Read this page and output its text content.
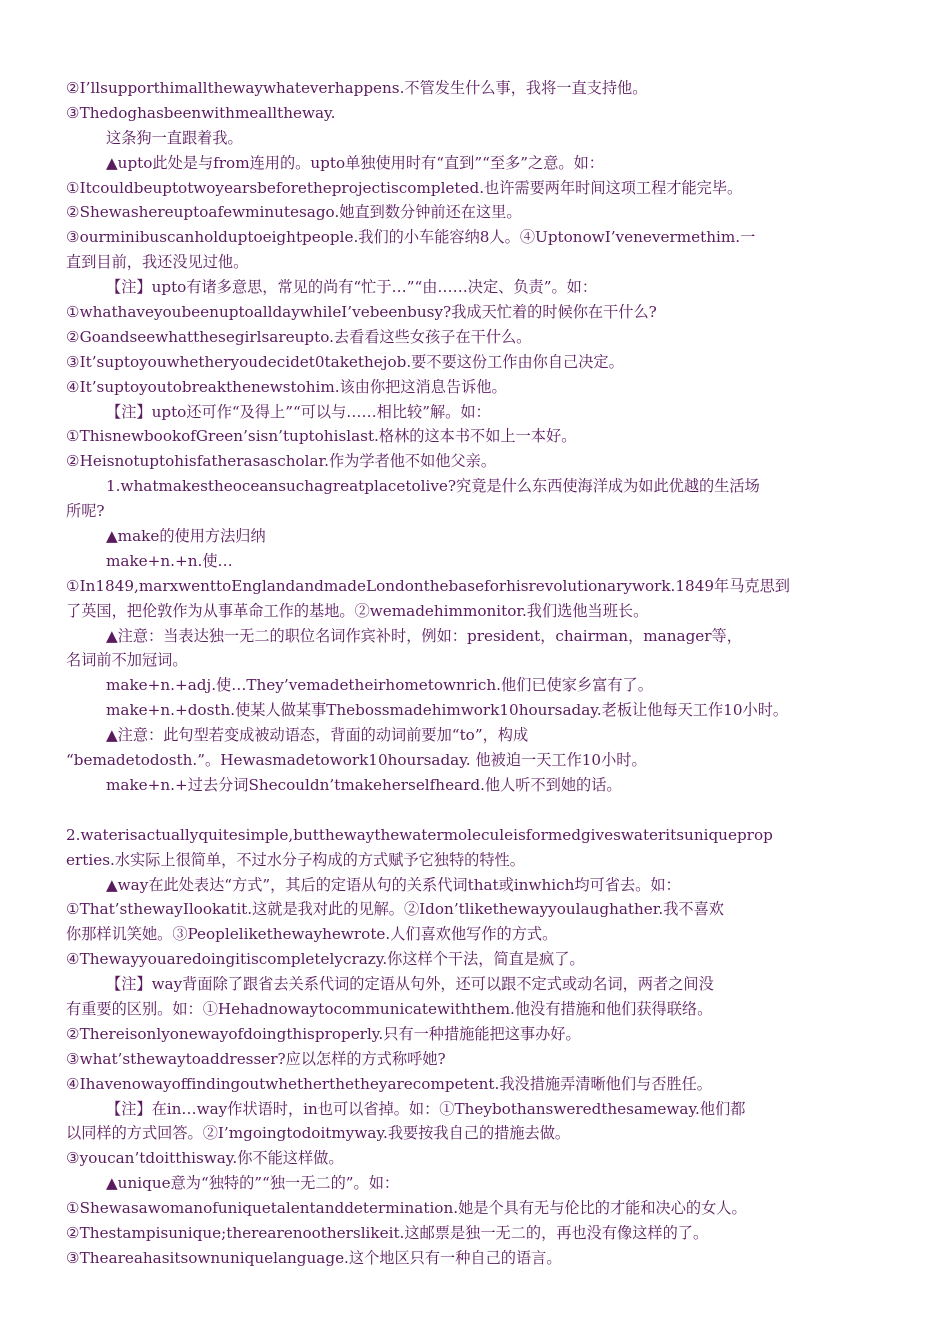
②I’llsupporthimallthewaywhateverhappens.不管发生什么事，我将一直支持他。
③Thedoghasbeenwithmealltheway.
这条狗一直跟着我。
▲upto此处是与from连用的。upto单独使用时有“直到”“至多”之意。如：
①Itcouldbeuptotwoyearsbeforetheprojectiscompleted.也许需要两年时间这项工程才能完毕。
②Shewashereuptoafewminutesago.她直到数分钟前还在这里。
③ourminibuscanholduptoeightpeople.我们的小车能容纳8人。④UptonowI’venevermethim.一
直到目前，我还没见过他。
【注】upto有诸多意思，常见的尚有“忙于…”“由……决定、负责”。如：
①whathaveyoubeenuptoalldaywhileI’vebeenbusy?我成天忙着的时候你在干什么?
②Goandseewhatthesegirlsareupto.去看看这些女孩子在干什么。
③It’suptoyouwhetheryoudecidet0takethejob.要不要这份工作由你自己决定。
④It’suptoyoutobreakthenewstohim.该由你把这消息告诉他。
【注】upto还可作“及得上”“可以与……相比较”解。如：
①ThisnewbookofGreen’sisn’tuptohislast.格林的这本书不如上一本好。
②Heisnotuptohisfatherasascholar.作为学者他不如他父亲。
1.whatmakestheoceansuchagreatplacetolive?究竟是什么东西使海洋成为如此优越的生活场
所呢?
▲make的使用方法归纳
make+n.+n.使…
①In1849,marxwenttoEnglandandmadeLondonthebaseforhisrevolutionarywork.1849年马克思到
了英国，把伦敦作为从事革命工作的基地。②wemadehimmonitor.我们选他当班长。
▲注意：当表达独一无二的职位名词作宾补时，例如：president，chairman，manager等，
名词前不加冠词。
make+n.+adj.使…They’vemadetheirhometownrich.他们已使家乡富有了。
make+n.+dosth.使某人做某事Thebossmadehimwork10hoursaday.老板让他每天工作10小时。
▲注意：此句型若变成被动语态，背面的动词前要加“to”，构成
“bemadetodosth.”。Hewasmadetowork10hoursaday. 他被迫一天工作10小时。
make+n.+过去分词Shecouldn’tmakeherselfheard.他人听不到她的话。
2.waterisactuallyquitesimple,butthewaythewatermoleculeisformedgiveswateritsuniqueprop
erties.水实际上很简单，不过水分子构成的方式赋予它独特的特性。
▲way在此处表达“方式”，其后的定语从句的关系代词that或inwhich均可省去。如：
①That’sthewayIlookatit.这就是我对此的见解。②Idon’tlikethewayyoulaughather.我不喜欢
你那样讥笑她。③Peoplelikethewayhewrote.人们喜欢他写作的方式。
④Thewayyouaredoingitiscompletelycrazy.你这样个干法，简直是疯了。
【注】way背面除了跟省去关系代词的定语从句外，还可以跟不定式或动名词，两者之间没
有重要的区别。如：①Hehadnowaytocommunicatewiththem.他没有措施和他们获得联络。
②Thereisonlyonewayofdoingthisproperly.只有一种措施能把这事办好。
③what’sthewaytoaddresser?应以怎样的方式称呼她?
④Ihavenowayoffindingoutwhetherthetheyarecompetent.我没措施弄清晰他们与否胜任。
【注】在in…way作状语时，in也可以省掉。如：①Theybothansweredthesameway.他们都
以同样的方式回答。②I’mgoingtodoitmyway.我要按我自己的措施去做。
③youcan’tdoitthisway.你不能这样做。
▲unique意为“独特的”“独一无二的”。如：
①Shewasawomanofuniquetalentanddetermination.她是个具有无与伦比的才能和决心的女人。
②Thestampisunique;therearenootherslikeit.这邮票是独一无二的，再也没有像这样的了。
③Theareahasitsownuniquelanguage.这个地区只有一种自己的语言。
